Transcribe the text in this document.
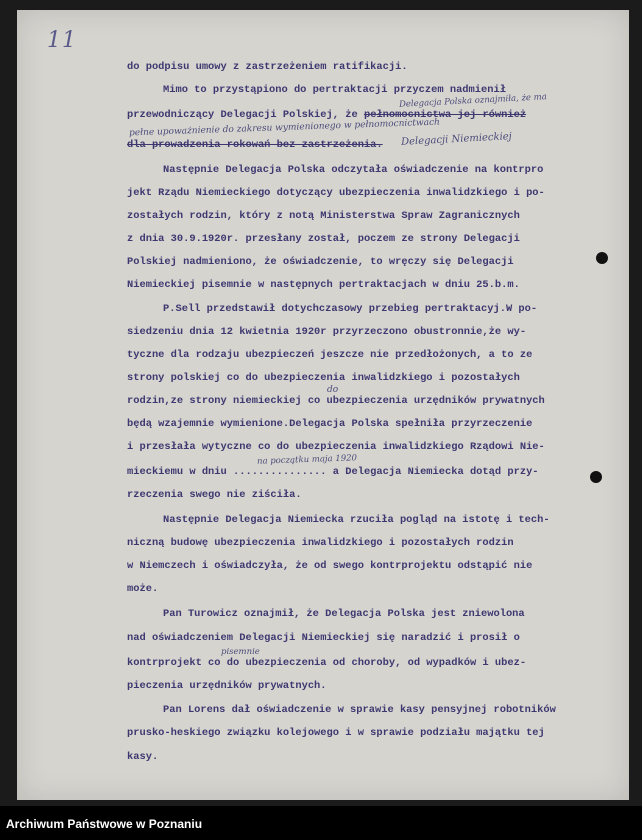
11
do podpisu umowy z zastrzeżeniem ratifikacji.
Mimo to przystąpiono do pertraktacji przyczem nadmienił
przewodniczący Delegacji Polskiej, że pełnomocnictwa jej również
dla prowadzenia rokowań bez zastrzeżenia.
Następnie Delegacja Polska odczytała oświadczenie na kontrpro
jekt Rządu Niemieckiego dotyczący ubezpieczenia inwalidzkiego i po-
zostałych rodzin, który z notą Ministerstwa Spraw Zagranicznych
z dnia 30.9.1920r. przesłany został, poczem ze strony Delegacji
Polskiej nadmieniono, że oświadczenie, to wręczy się Delegacji
Niemieckiej pisemnie w następnych pertraktacjach w dniu 25.b.m.
P.Sell przedstawił dotychczasowy przebieg pertraktacyj.W po-
siedzeniu dnia 12 kwietnia 1920r przyrzeczono obustronnie,że wy-
tyczne dla rodzaju ubezpieczeń jeszcze nie przedłożonych, a to ze
strony polskiej co do ubezpieczenia inwalidzkiego i pozostałych
rodzin,ze strony niemieckiej co ubezpieczenia urzędników prywatnych
będą wzajemnie wymienione.Delegacja Polska spełniła przyrzeczenie
i przesłała wytyczne co do ubezpieczenia inwalidzkiego Rządowi Nie-
mieckiemu w dniu ............... a Delegacja Niemiecka dotąd przy-
rzeczenia swego nie ziściła.
Następnie Delegacja Niemiecka rzuciła pogląd na istotę i tech-
niczną budowę ubezpieczenia inwalidzkiego i pozostałych rodzin
w Niemczech i oświadczyła, że od swego kontrprojektu odstąpić nie
może.
Pan Turowicz oznajmił, że Delegacja Polska jest zniewolona
nad oświadczeniem Delegacji Niemieckiej się naradzić i prosił o
kontrprojekt co do ubezpieczenia od choroby, od wypadków i ubez-
pieczenia urzędników prywatnych.
Pan Lorens dał oświadczenie w sprawie kasy pensyjnej robotników
prusko-heskiego związku kolejowego i w sprawie podziału majątku tej
kasy.
Delegacja Polska oznajmiła, że ma
pełne upoważnienie do zakresu wymienionego w pełnomocnictwach
Delegacji Niemieckiej
do
na początku maja 1920
pisemnie
Archiwum Państwowe w Poznaniu
